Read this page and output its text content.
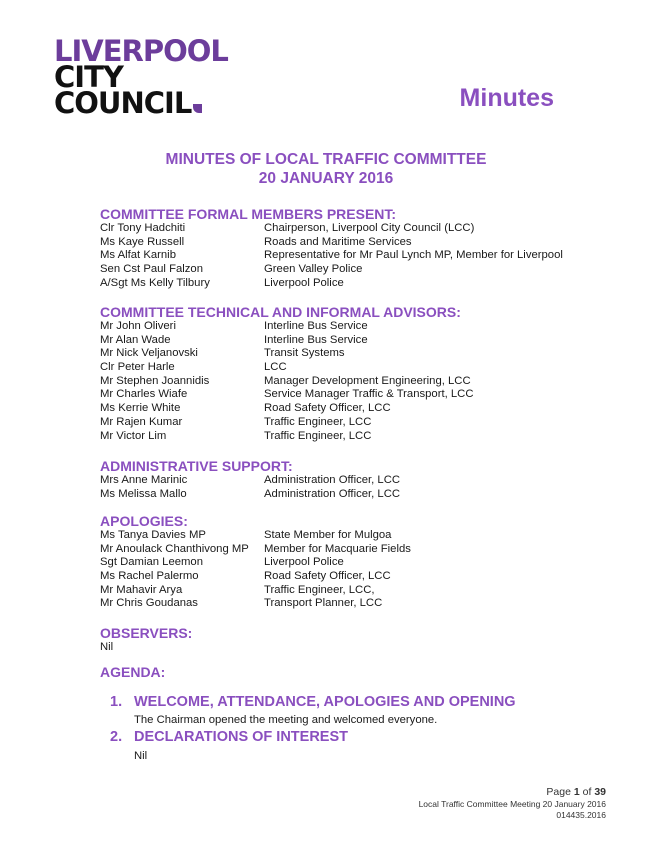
LIVERPOOL
CITY
COUNCIL	Minutes
MINUTES OF LOCAL TRAFFIC COMMITTEE
20 JANUARY 2016
COMMITTEE FORMAL MEMBERS PRESENT:
Clr Tony Hadchiti	Chairperson, Liverpool City Council (LCC)
Ms Kaye Russell	Roads and Maritime Services
Ms Alfat Karnib	Representative for Mr Paul Lynch MP, Member for Liverpool
Sen Cst Paul Falzon	Green Valley Police
A/Sgt Ms Kelly Tilbury	Liverpool Police
COMMITTEE TECHNICAL AND INFORMAL ADVISORS:
Mr John Oliveri	Interline Bus Service
Mr Alan Wade	Interline Bus Service
Mr Nick Veljanovski	Transit Systems
Clr Peter Harle	LCC
Mr Stephen Joannidis	Manager Development Engineering, LCC
Mr Charles Wiafe	Service Manager Traffic & Transport, LCC
Ms Kerrie White	Road Safety Officer, LCC
Mr Rajen Kumar	Traffic Engineer, LCC
Mr Victor Lim	Traffic Engineer, LCC
ADMINISTRATIVE SUPPORT:
Mrs Anne Marinic	Administration Officer, LCC
Ms Melissa Mallo	Administration Officer, LCC
APOLOGIES:
Ms Tanya Davies MP	State Member for Mulgoa
Mr Anoulack Chanthivong MP	Member for Macquarie Fields
Sgt Damian Leemon	Liverpool Police
Ms Rachel Palermo	Road Safety Officer, LCC
Mr Mahavir Arya	Traffic Engineer, LCC,
Mr Chris Goudanas	Transport Planner, LCC
OBSERVERS:
Nil
AGENDA:
1. WELCOME, ATTENDANCE, APOLOGIES AND OPENING
The Chairman opened the meeting and welcomed everyone.
2. DECLARATIONS OF INTEREST
Nil
Page 1 of 39
Local Traffic Committee Meeting 20 January 2016
014435.2016
